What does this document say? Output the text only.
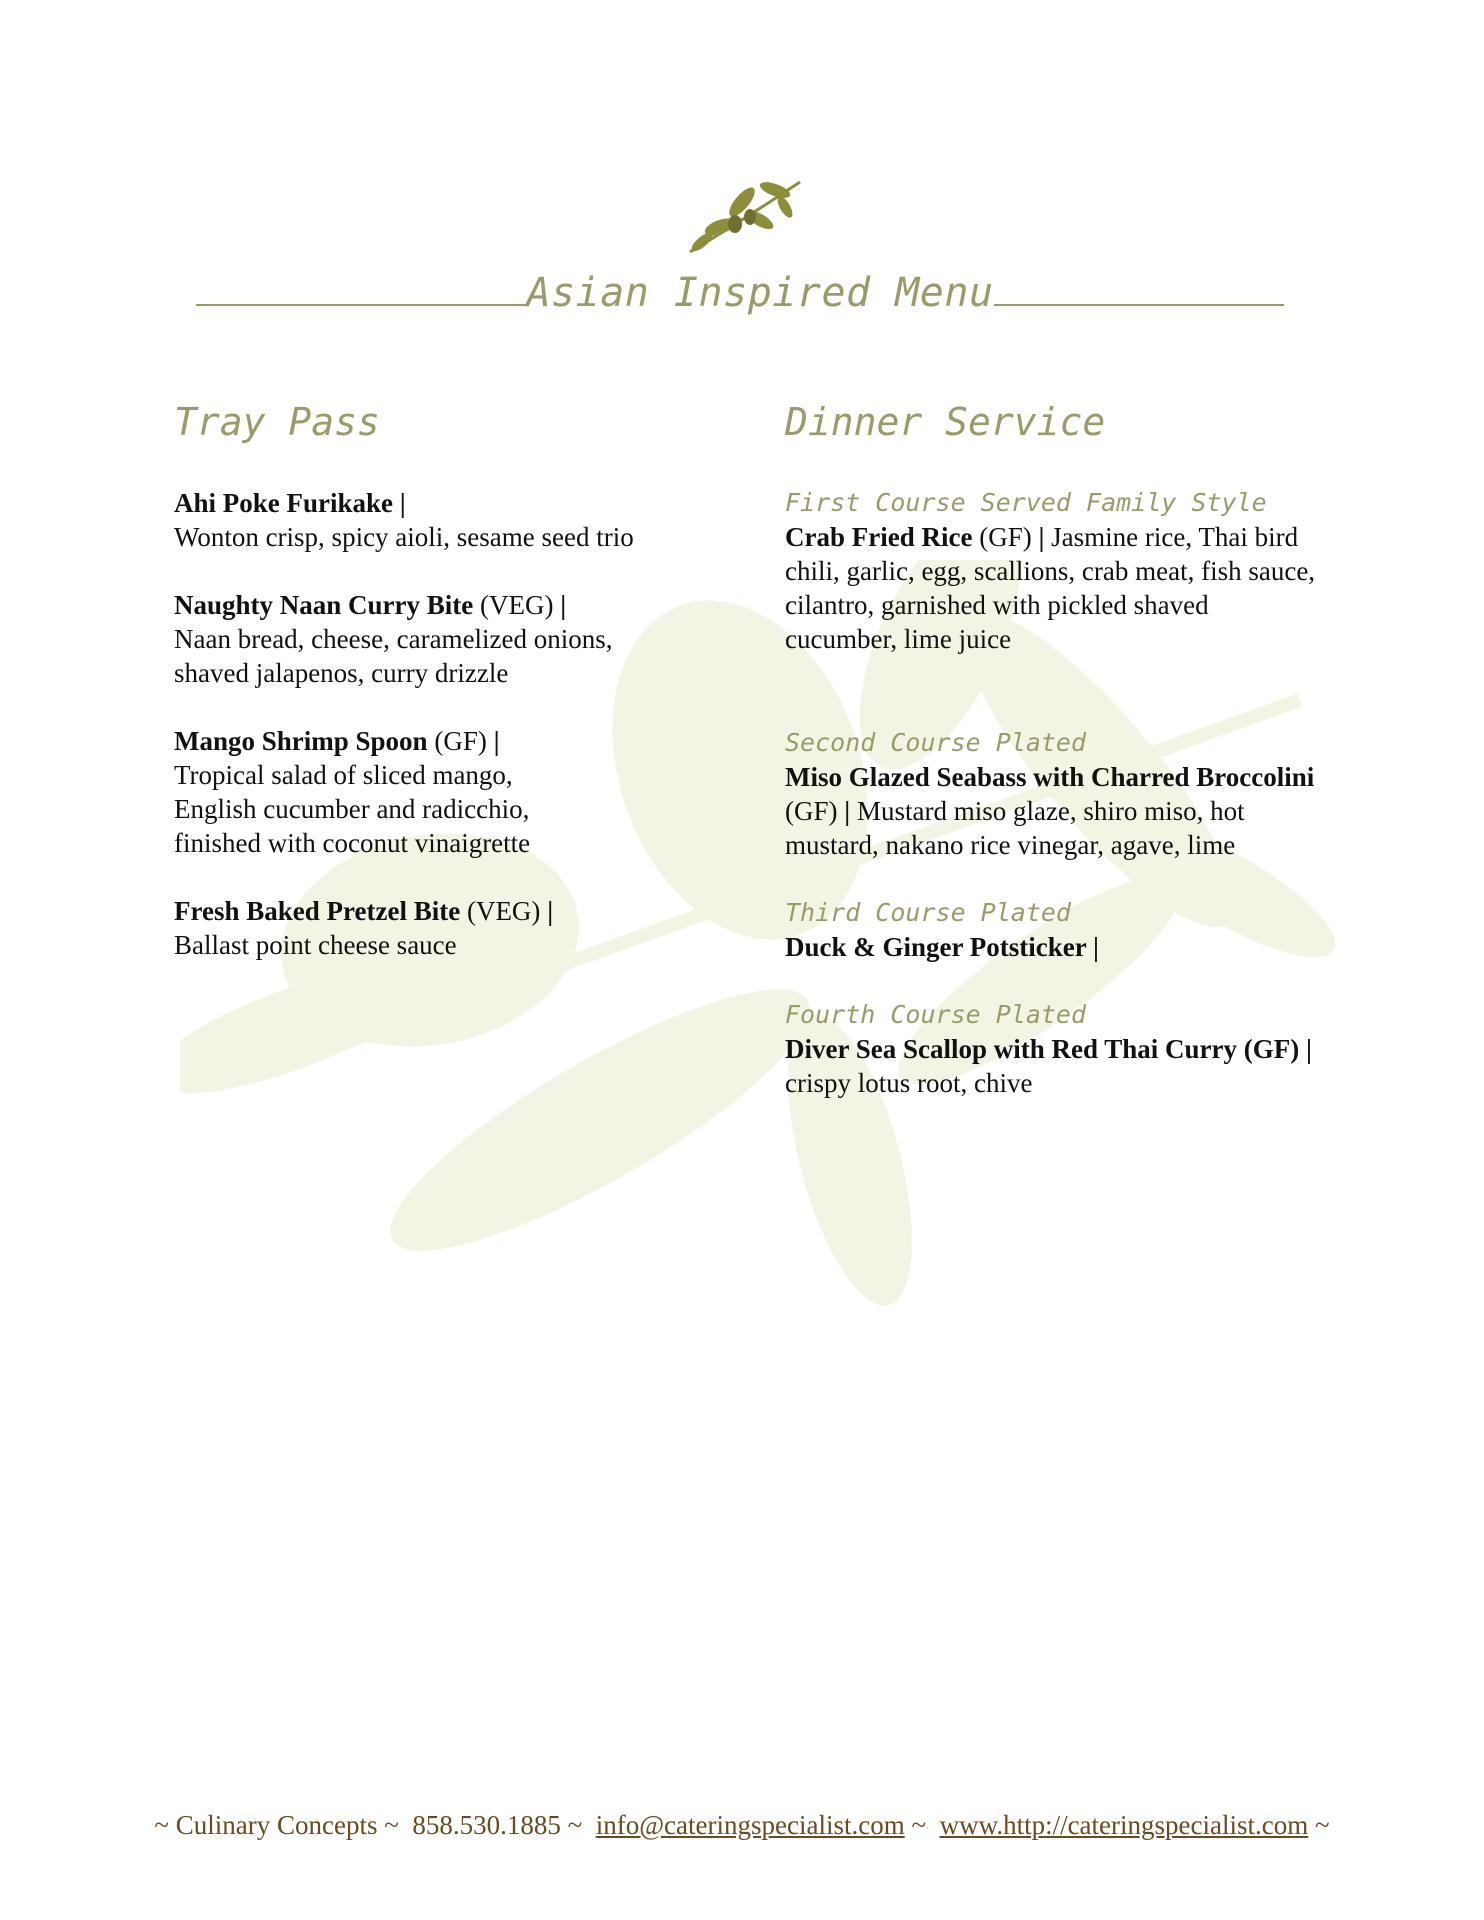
Asian Inspired Menu
Tray Pass
Ahi Poke Furikake |
Wonton crisp, spicy aioli, sesame seed trio
Naughty Naan Curry Bite (VEG) |
Naan bread, cheese, caramelized onions, shaved jalapenos, curry drizzle
Mango Shrimp Spoon (GF) |
Tropical salad of sliced mango, English cucumber and radicchio, finished with coconut vinaigrette
Fresh Baked Pretzel Bite (VEG) |
Ballast point cheese sauce
Dinner Service
First Course Served Family Style
Crab Fried Rice (GF) | Jasmine rice, Thai bird chili, garlic, egg, scallions, crab meat, fish sauce, cilantro, garnished with pickled shaved cucumber, lime juice
Second Course Plated
Miso Glazed Seabass with Charred Broccolini (GF) | Mustard miso glaze, shiro miso, hot mustard, nakano rice vinegar, agave, lime
Third Course Plated
Duck & Ginger Potsticker |
Fourth Course Plated
Diver Sea Scallop with Red Thai Curry (GF) | crispy lotus root, chive
~ Culinary Concepts ~ 858.530.1885 ~ info@cateringspecialist.com ~ www.http://cateringspecialist.com ~
